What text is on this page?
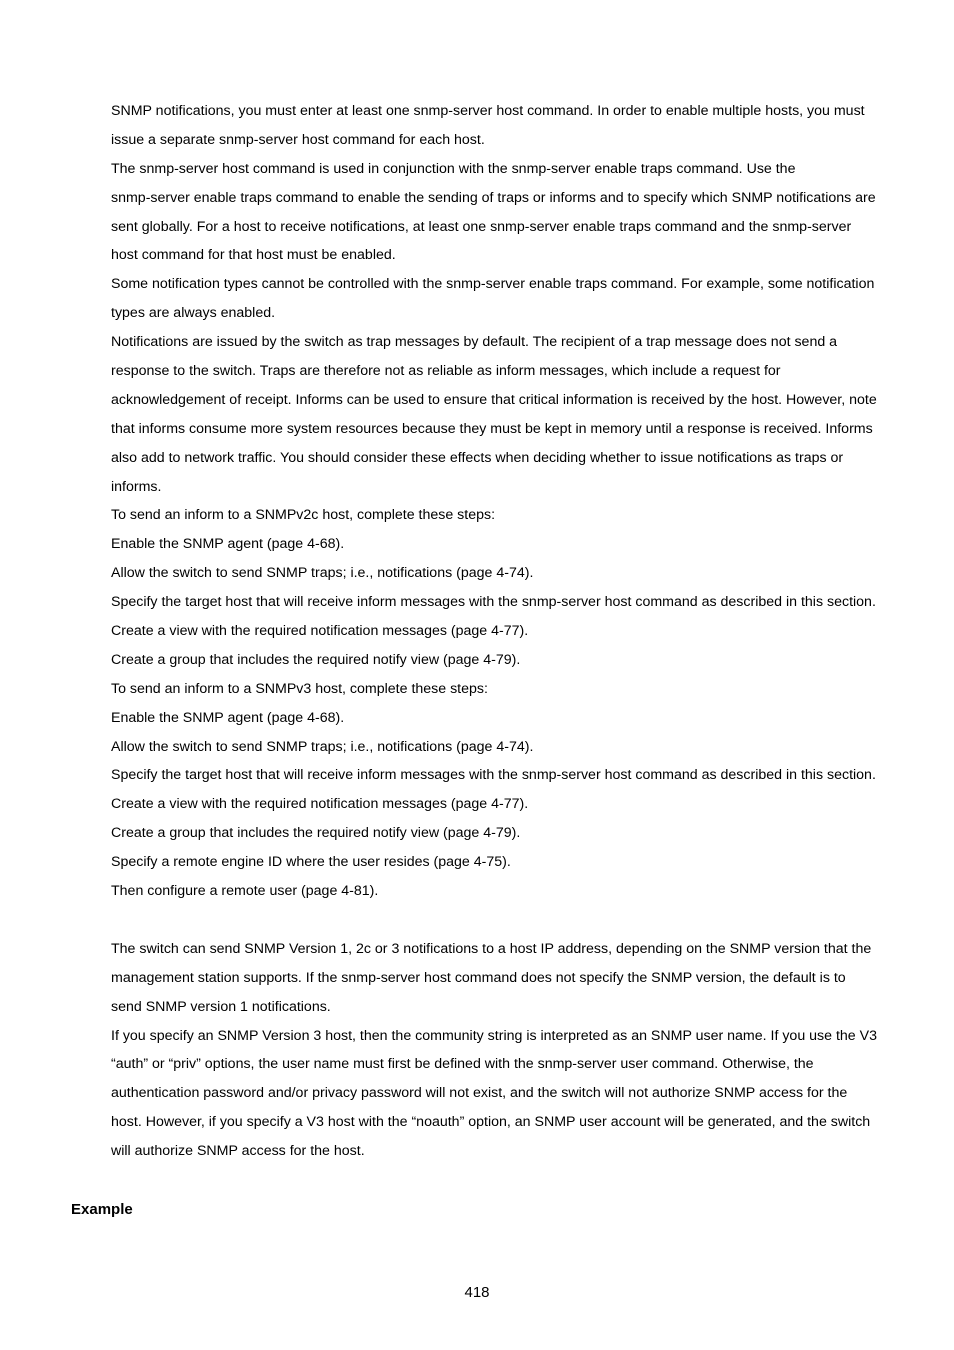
SNMP notifications, you must enter at least one snmp-server host command. In order to enable multiple hosts, you must
issue a separate snmp-server host command for each host.
The snmp-server host command is used in conjunction with the snmp-server enable traps command. Use the
snmp-server enable traps command to enable the sending of traps or informs and to specify which SNMP notifications are
sent globally. For a host to receive notifications, at least one snmp-server enable traps command and the snmp-server
host command for that host must be enabled.
Some notification types cannot be controlled with the snmp-server enable traps command. For example, some notification
types are always enabled.
Notifications are issued by the switch as trap messages by default. The recipient of a trap message does not send a
response to the switch. Traps are therefore not as reliable as inform messages, which include a request for
acknowledgement of receipt. Informs can be used to ensure that critical information is received by the host. However, note
that informs consume more system resources because they must be kept in memory until a response is received. Informs
also add to network traffic. You should consider these effects when deciding whether to issue notifications as traps or
informs.
To send an inform to a SNMPv2c host, complete these steps:
Enable the SNMP agent (page 4-68).
Allow the switch to send SNMP traps; i.e., notifications (page 4-74).
Specify the target host that will receive inform messages with the snmp-server host command as described in this section.
Create a view with the required notification messages (page 4-77).
Create a group that includes the required notify view (page 4-79).
To send an inform to a SNMPv3 host, complete these steps:
Enable the SNMP agent (page 4-68).
Allow the switch to send SNMP traps; i.e., notifications (page 4-74).
Specify the target host that will receive inform messages with the snmp-server host command as described in this section.
Create a view with the required notification messages (page 4-77).
Create a group that includes the required notify view (page 4-79).
Specify a remote engine ID where the user resides (page 4-75).
Then configure a remote user (page 4-81).
The switch can send SNMP Version 1, 2c or 3 notifications to a host IP address, depending on the SNMP version that the
management station supports. If the snmp-server host command does not specify the SNMP version, the default is to
send SNMP version 1 notifications.
If you specify an SNMP Version 3 host, then the community string is interpreted as an SNMP user name. If you use the V3
“auth” or “priv” options, the user name must first be defined with the snmp-server user command. Otherwise, the
authentication password and/or privacy password will not exist, and the switch will not authorize SNMP access for the
host. However, if you specify a V3 host with the “noauth” option, an SNMP user account will be generated, and the switch
will authorize SNMP access for the host.
Example
418
